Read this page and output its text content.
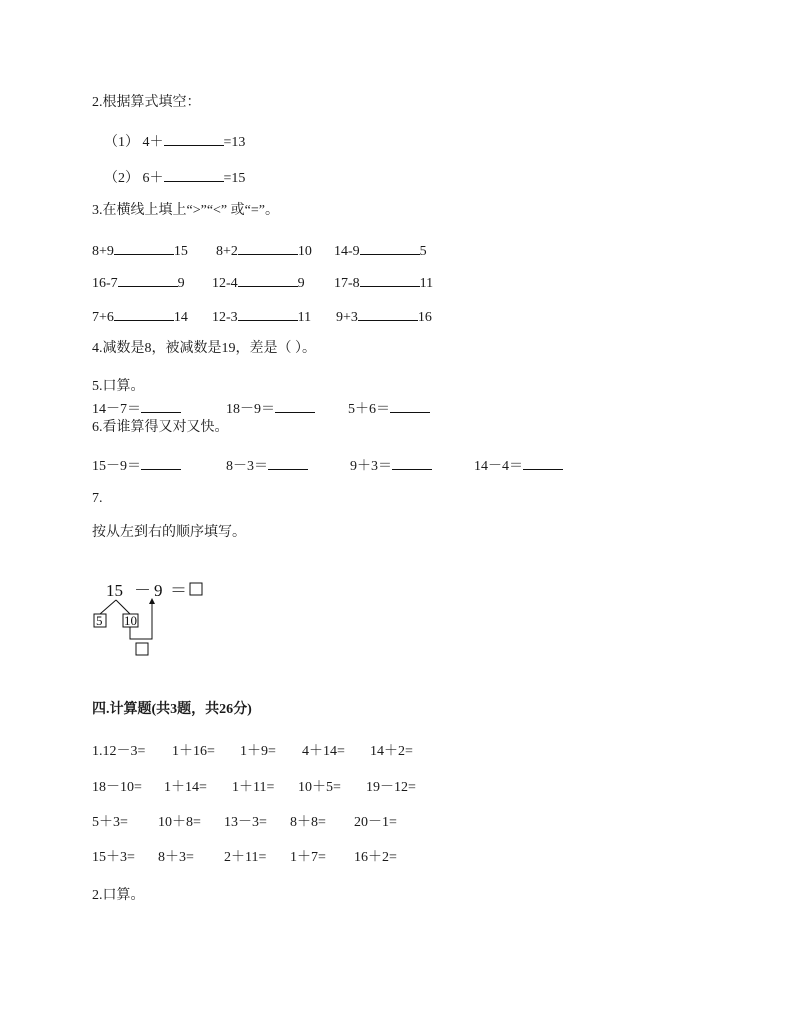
2.根据算式填空：
（1） 4＋	=13
（2） 6＋	=15
3.在横线上填上“>”“<” 或“=”。
8+9	15 8+2	10 14-9	5
16-7	9 12-4	9 17-8	11
7+6	14 12-3	11 9+3	16
4.减数是8，被减数是19，差是（ ）。
5.口算。
14－7＝	18－9＝	5＋6＝
6.看谁算得又对又快。
15－9＝	8－3＝	9＋3＝	14－4＝
7.
按从左到右的顺序填写。
15 － 9 ＝
5 10
四.计算题(共3题，共26分)
1.12－3= 1＋16= 1＋9= 4＋14= 14＋2=
18－10= 1＋14= 1＋11= 10＋5= 19－12=
5＋3= 10＋8= 13－3= 8＋8= 20－1=
15＋3= 8＋3= 2＋11= 1＋7= 16＋2=
2.口算。
